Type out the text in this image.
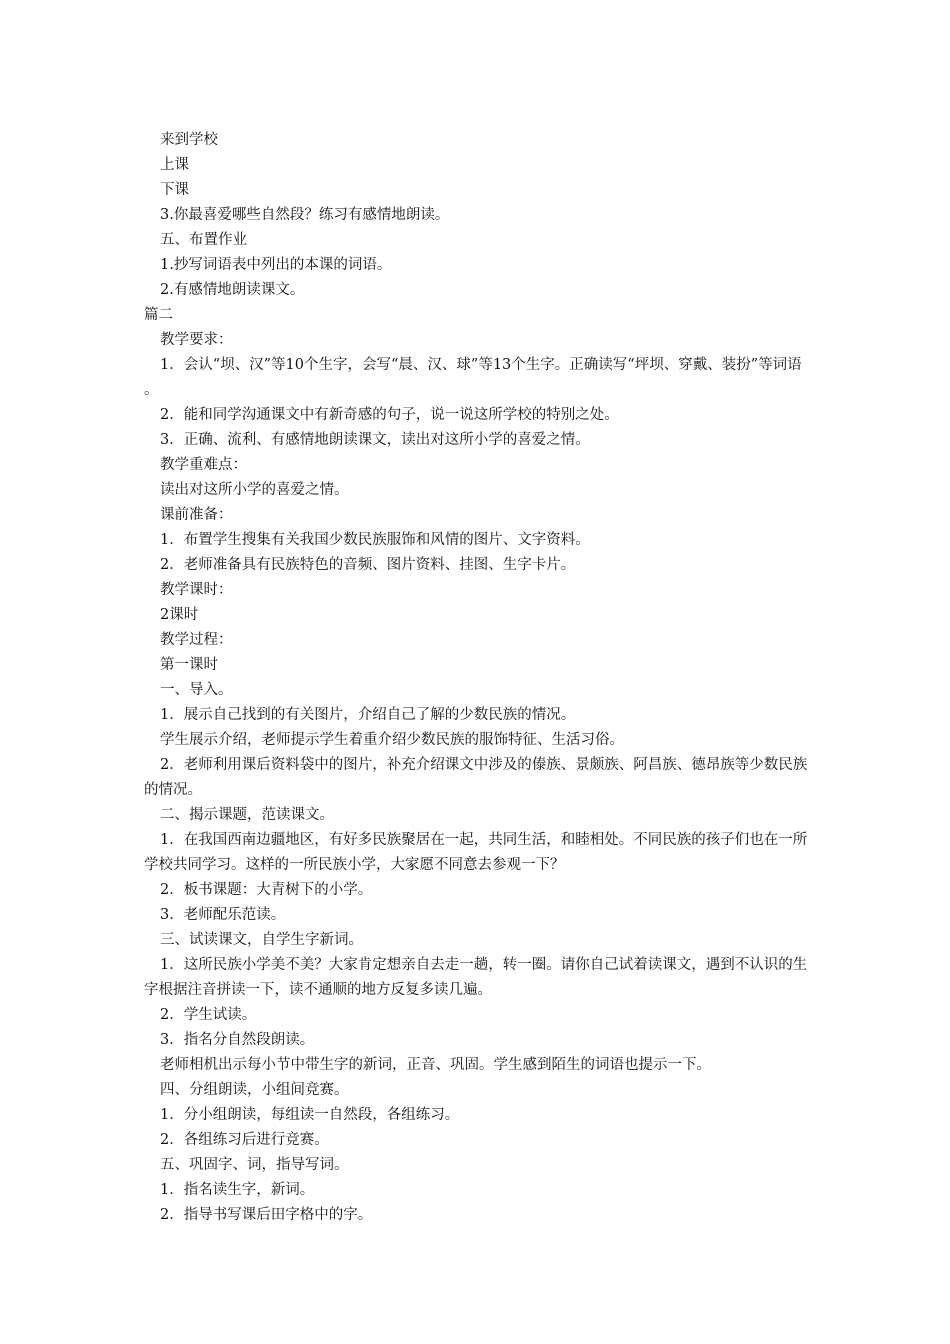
来到学校

上课

下课

3.你最喜爱哪些自然段？练习有感情地朗读。

五、布置作业

1.抄写词语表中列出的本课的词语。

2.有感情地朗读课文。

篇二

教学要求：

1．会认“坝、汉”等10个生字，会写“晨、汉、球”等13个生字。正确读写“坪坝、穿戴、装扮”等词语。

2．能和同学沟通课文中有新奇感的句子，说一说这所学校的特别之处。

3．正确、流利、有感情地朗读课文，读出对这所小学的喜爱之情。

教学重难点：

读出对这所小学的喜爱之情。

课前准备：

1．布置学生搜集有关我国少数民族服饰和风情的图片、文字资料。

2．老师准备具有民族特色的音频、图片资料、挂图、生字卡片。

教学课时：

2课时

教学过程：

第一课时

一、导入。

1．展示自己找到的有关图片，介绍自己了解的少数民族的情况。

学生展示介绍，老师提示学生着重介绍少数民族的服饰特征、生活习俗。

2．老师利用课后资料袋中的图片，补充介绍课文中涉及的傣族、景颇族、阿昌族、德昂族等少数民族的情况。

二、揭示课题，范读课文。

1．在我国西南边疆地区，有好多民族聚居在一起，共同生活，和睦相处。不同民族的孩子们也在一所学校共同学习。这样的一所民族小学，大家愿不同意去参观一下？

2．板书课题：大青树下的小学。

3．老师配乐范读。

三、试读课文，自学生字新词。

1．这所民族小学美不美？大家肯定想亲自去走一趟，转一圈。请你自己试着读课文，遇到不认识的生字根据注音拼读一下，读不通顺的地方反复多读几遍。

2．学生试读。

3．指名分自然段朗读。

老师相机出示每小节中带生字的新词，正音、巩固。学生感到陌生的词语也提示一下。

四、分组朗读，小组间竞赛。

1．分小组朗读，每组读一自然段，各组练习。

2．各组练习后进行竞赛。

五、巩固字、词，指导写词。

1．指名读生字，新词。

2．指导书写课后田字格中的字。
